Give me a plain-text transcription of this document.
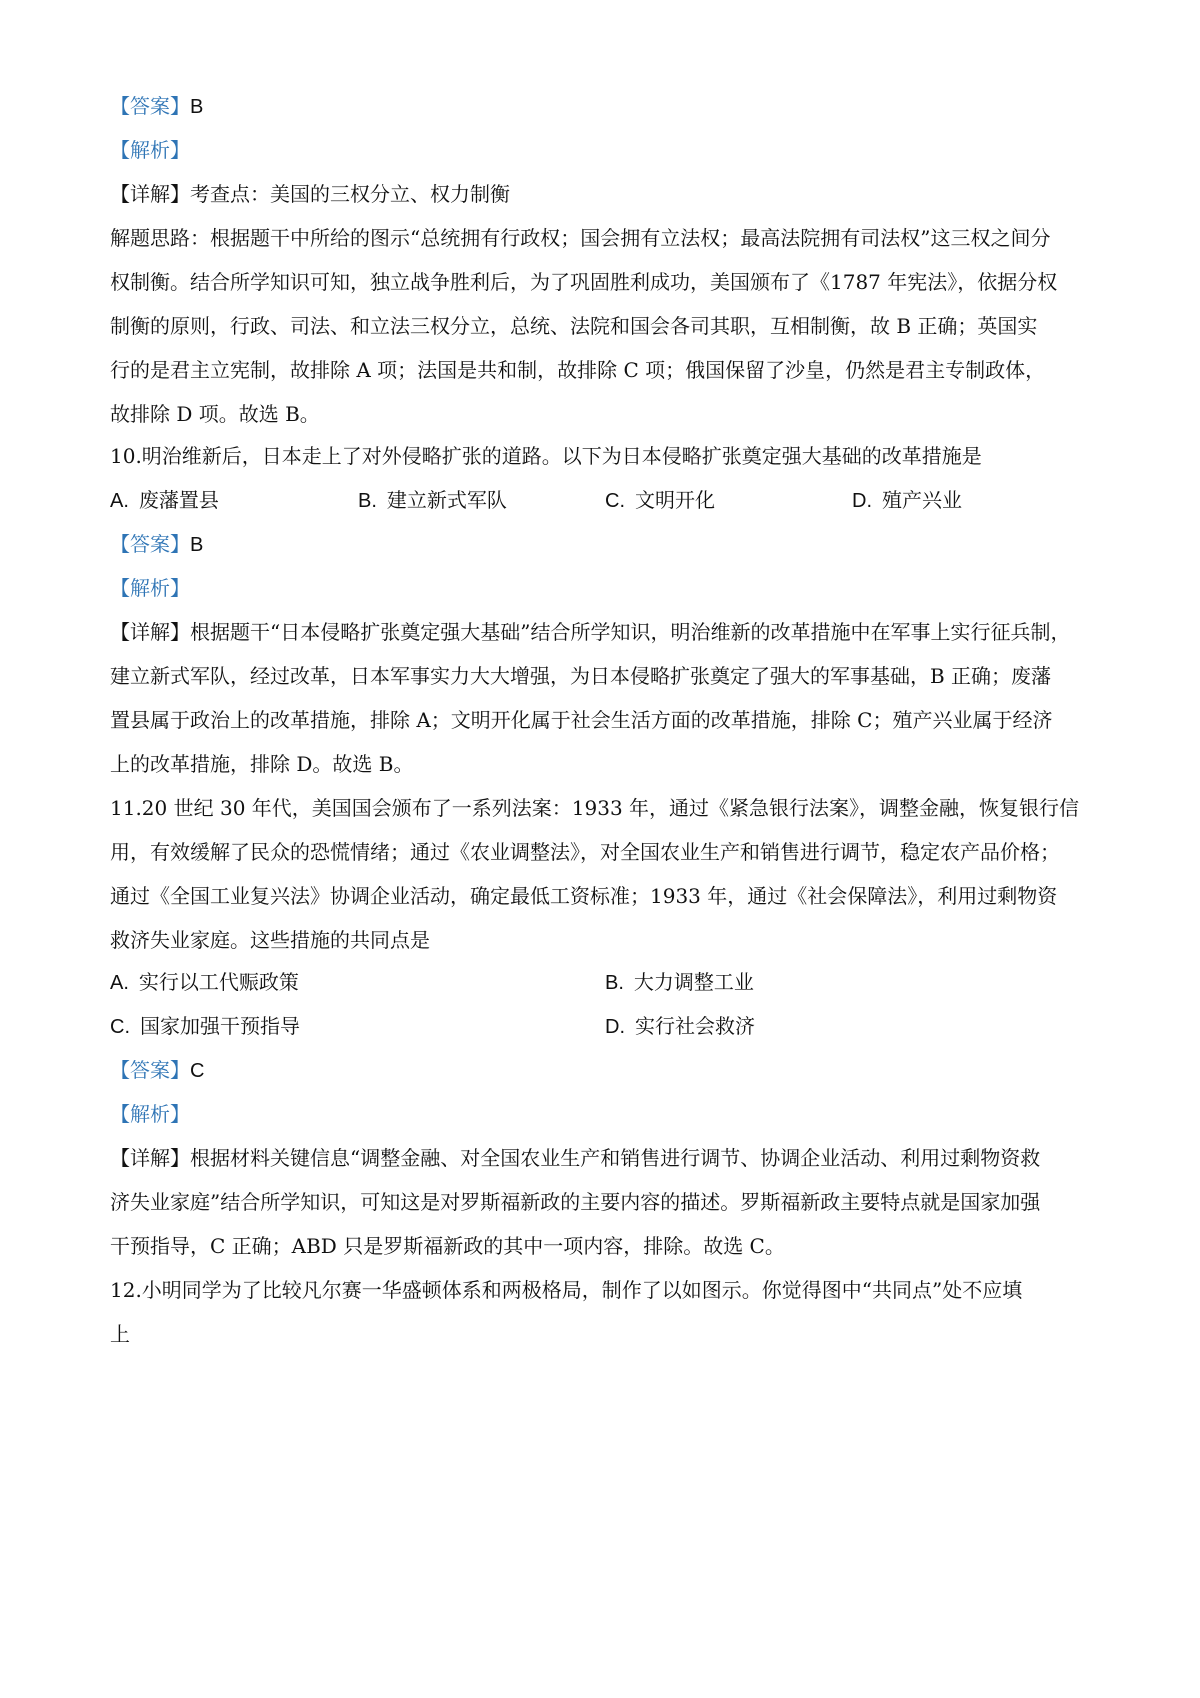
【答案】B
【解析】
【详解】考查点：美国的三权分立、权力制衡
解题思路：根据题干中所给的图示“总统拥有行政权；国会拥有立法权；最高法院拥有司法权”这三权之间分
权制衡。结合所学知识可知，独立战争胜利后，为了巩固胜利成功，美国颁布了《1787 年宪法》，依据分权
制衡的原则，行政、司法、和立法三权分立，总统、法院和国会各司其职，互相制衡，故 B 正确；英国实
行的是君主立宪制，故排除 A 项；法国是共和制，故排除 C 项；俄国保留了沙皇，仍然是君主专制政体，
故排除 D 项。故选 B。
10.明治维新后，日本走上了对外侵略扩张的道路。以下为日本侵略扩张奠定强大基础的改革措施是
A. 废藩置县	B. 建立新式军队	C. 文明开化	D. 殖产兴业
【答案】B
【解析】
【详解】根据题干“日本侵略扩张奠定强大基础”结合所学知识，明治维新的改革措施中在军事上实行征兵制，
建立新式军队，经过改革，日本军事实力大大增强，为日本侵略扩张奠定了强大的军事基础，B 正确；废藩
置县属于政治上的改革措施，排除 A；文明开化属于社会生活方面的改革措施，排除 C；殖产兴业属于经济
上的改革措施，排除 D。故选 B。
11.20 世纪 30 年代，美国国会颁布了一系列法案：1933 年，通过《紧急银行法案》，调整金融，恢复银行信
用，有效缓解了民众的恐慌情绪；通过《农业调整法》，对全国农业生产和销售进行调节，稳定农产品价格；
通过《全国工业复兴法》协调企业活动，确定最低工资标准；1933 年，通过《社会保障法》，利用过剩物资
救济失业家庭。这些措施的共同点是
A. 实行以工代赈政策	B. 大力调整工业
C. 国家加强干预指导	D. 实行社会救济
【答案】C
【解析】
【详解】根据材料关键信息“调整金融、对全国农业生产和销售进行调节、协调企业活动、利用过剩物资救
济失业家庭”结合所学知识，可知这是对罗斯福新政的主要内容的描述。罗斯福新政主要特点就是国家加强
干预指导，C 正确；ABD 只是罗斯福新政的其中一项内容，排除。故选 C。
12.小明同学为了比较凡尔赛一华盛顿体系和两极格局，制作了以如图示。你觉得图中“共同点”处不应填
上
